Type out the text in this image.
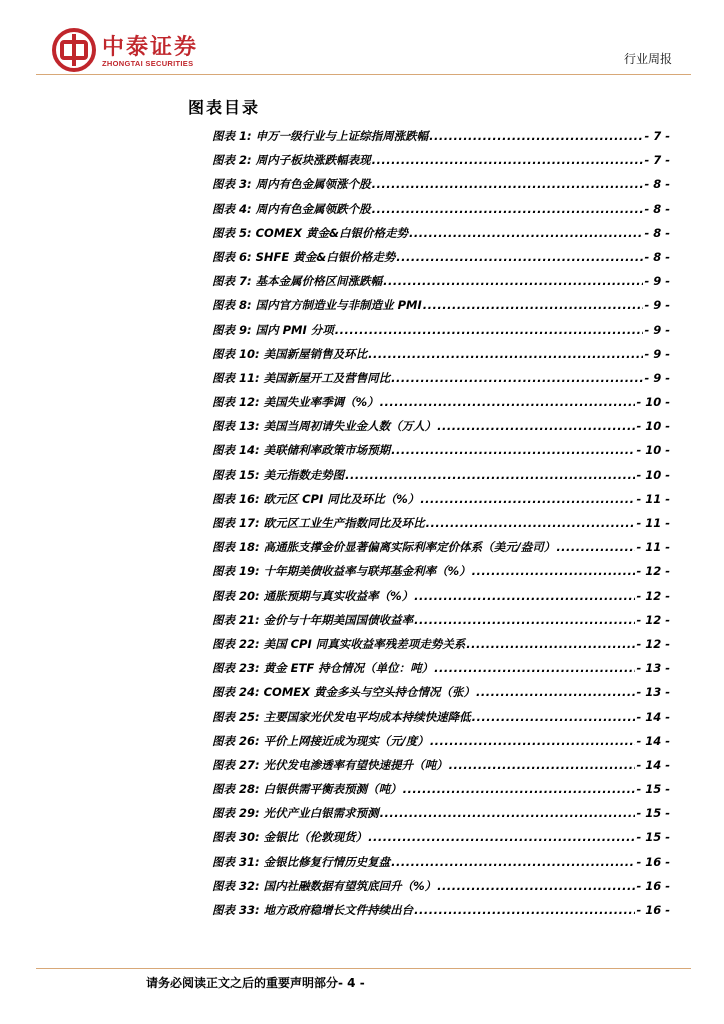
中泰证券
ZHONGTAI SECURITIES	行业周报
图表目录
图表 1: 申万一级行业与上证综指周涨跌幅 .....	- 7 -
图表 2: 周内子板块涨跌幅表现 .....	- 7 -
图表 3: 周内有色金属领涨个股 .....	- 8 -
图表 4: 周内有色金属领跌个股 .....	- 8 -
图表 5: COMEX 黄金&白银价格走势 .....	- 8 -
图表 6: SHFE 黄金&白银价格走势 .....	- 8 -
图表 7: 基本金属价格区间涨跌幅 .....	- 9 -
图表 8: 国内官方制造业与非制造业 PMI .....	- 9 -
图表 9: 国内 PMI 分项 .....	- 9 -
图表 10: 美国新屋销售及环比 .....	- 9 -
图表 11: 美国新屋开工及营售同比 .....	- 9 -
图表 12: 美国失业率季调（%） .....	- 10 -
图表 13: 美国当周初请失业金人数（万人） .....	- 10 -
图表 14: 美联储利率政策市场预期 .....	- 10 -
图表 15: 美元指数走势图 .....	- 10 -
图表 16: 欧元区 CPI 同比及环比（%） .....	- 11 -
图表 17: 欧元区工业生产指数同比及环比 .....	- 11 -
图表 18: 高通胀支撑金价显著偏离实际利率定价体系（美元/盎司） .....	- 11 -
图表 19: 十年期美债收益率与联邦基金利率（%） .....	- 12 -
图表 20: 通胀预期与真实收益率（%） .....	- 12 -
图表 21: 金价与十年期美国国债收益率 .....	- 12 -
图表 22: 美国 CPI 同真实收益率残差项走势关系 .....	- 12 -
图表 23: 黄金 ETF 持仓情况（单位：吨） .....	- 13 -
图表 24: COMEX 黄金多头与空头持仓情况（张） .....	- 13 -
图表 25: 主要国家光伏发电平均成本持续快速降低 .....	- 14 -
图表 26: 平价上网接近成为现实（元/度） .....	- 14 -
图表 27: 光伏发电渗透率有望快速提升（吨） .....	- 14 -
图表 28: 白银供需平衡表预测（吨） .....	- 15 -
图表 29: 光伏产业白银需求预测 .....	- 15 -
图表 30: 金银比（伦敦现货） .....	- 15 -
图表 31: 金银比修复行情历史复盘 .....	- 16 -
图表 32: 国内社融数据有望筑底回升（%） .....	- 16 -
图表 33: 地方政府稳增长文件持续出台 .....	- 16 -
请务必阅读正文之后的重要声明部分- 4 -
